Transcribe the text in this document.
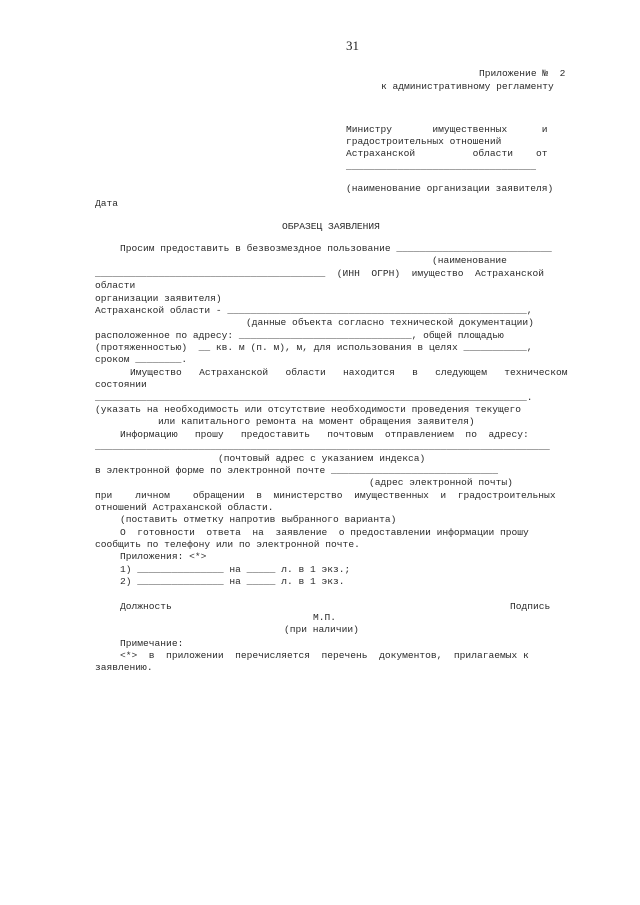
31
Приложение №  2
к административному регламенту
Министру       имущественных      и
градостроительных отношений
Астраханской          области    от
_________________________________
(наименование организации заявителя)
Дата
ОБРАЗЕЦ ЗАЯВЛЕНИЯ
Просим предоставить в безвозмездное пользование ___________________________
(наименование
________________________________________  (ИНН  ОГРН)  имущество  Астраханской
области
организации заявителя)
Астраханской области - ____________________________________________________,
(данные объекта согласно технической документации)
расположенное по адресу: ______________________________, общей площадью
(протяженностью)  __ кв. м (п. м), м, для использования в целях ___________,
сроком ________.
Имущество   Астраханской   области   находится   в   следующем   техническом
состоянии
___________________________________________________________________________.
(указать на необходимость или отсутствие необходимости проведения текущего
или капитального ремонта на момент обращения заявителя)
Информацию   прошу   предоставить   почтовым  отправлением  по  адресу:
_______________________________________________________________________________
(почтовый адрес с указанием индекса)
в электронной форме по электронной почте _____________________________
(адрес электронной почты)
при    личном    обращении  в  министерство  имущественных  и  градостроительных
отношений Астраханской области.
(поставить отметку напротив выбранного варианта)
О  готовности  ответа  на  заявление  о предоставлении информации прошу
сообщить по телефону или по электронной почте.
Приложения: <*>
1) _______________ на _____ л. в 1 экз.;
2) _______________ на _____ л. в 1 экз.
Должность	Подпись
М.П.
(при наличии)
Примечание:
<*>  в  приложении  перечисляется  перечень  документов,  прилагаемых к
заявлению.
